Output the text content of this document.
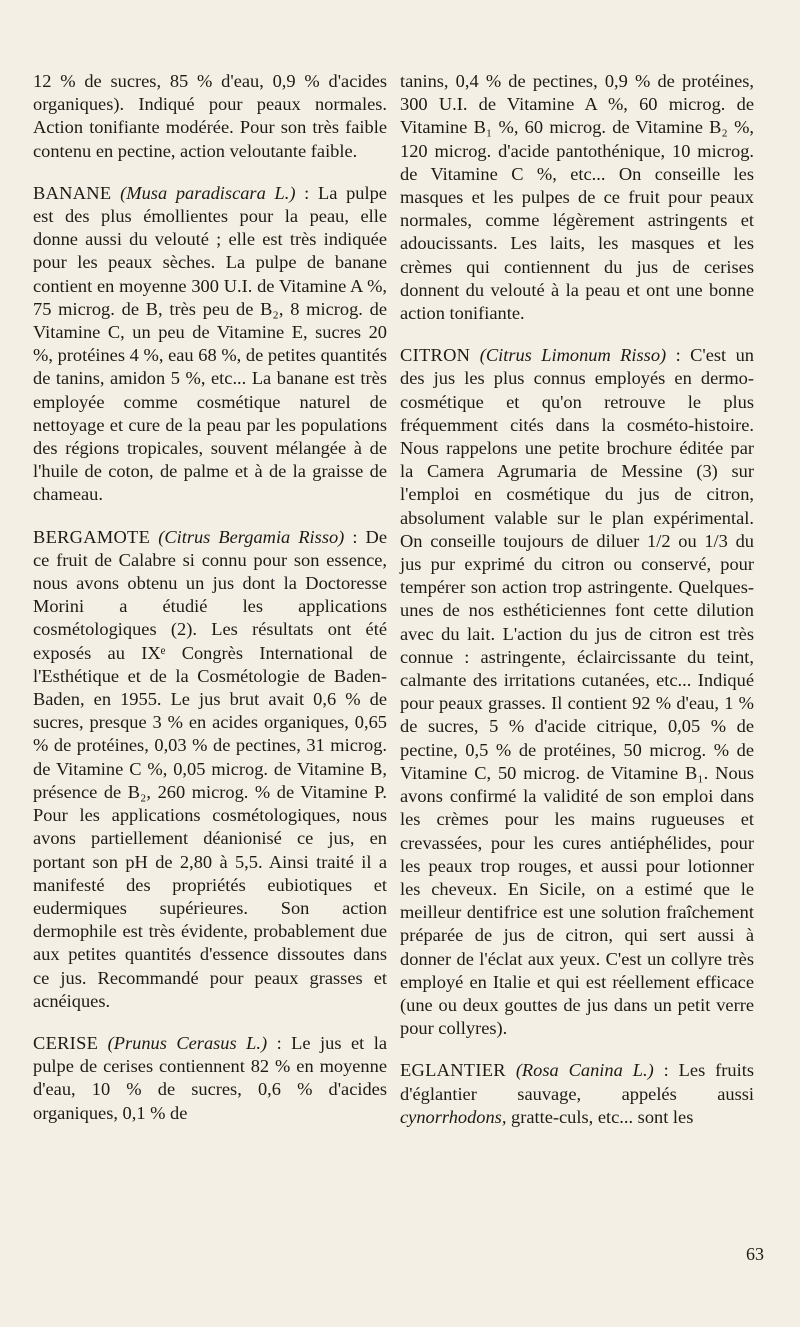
12 % de sucres, 85 % d'eau, 0,9 % d'acides organiques). Indiqué pour peaux normales. Action tonifiante modérée. Pour son très faible contenu en pectine, action veloutante faible.

BANANE (Musa paradiscara L.) : La pulpe est des plus émollientes pour la peau, elle donne aussi du velouté ; elle est très indiquée pour les peaux sèches. La pulpe de banane contient en moyenne 300 U.I. de Vitamine A %, 75 microg. de B, très peu de B₂, 8 microg. de Vitamine C, un peu de Vitamine E, sucres 20 %, protéines 4 %, eau 68 %, de petites quantités de tanins, amidon 5 %, etc... La banane est très employée comme cosmétique naturel de nettoyage et cure de la peau par les populations des régions tropicales, souvent mélangée à de l'huile de coton, de palme et à de la graisse de chameau.

BERGAMOTE (Citrus Bergamia Risso) : De ce fruit de Calabre si connu pour son essence, nous avons obtenu un jus dont la Doctoresse Morini a étudié les applications cosmétologiques (2). Les résultats ont été exposés au IXᵉ Congrès International de l'Esthétique et de la Cosmétologie de Baden-Baden, en 1955. Le jus brut avait 0,6 % de sucres, presque 3 % en acides organiques, 0,65 % de protéines, 0,03 % de pectines, 31 microg. de Vitamine C %, 0,05 microg. de Vitamine B, présence de B₂, 260 microg. % de Vitamine P. Pour les applications cosmétologiques, nous avons partiellement déanionisé ce jus, en portant son pH de 2,80 à 5,5. Ainsi traité il a manifesté des propriétés eubiotiques et eudermiques supérieures. Son action dermophile est très évidente, probablement due aux petites quantités d'essence dissoutes dans ce jus. Recommandé pour peaux grasses et acnéiques.

CERISE (Prunus Cerasus L.) : Le jus et la pulpe de cerises contiennent 82 % en moyenne d'eau, 10 % de sucres, 0,6 % d'acides organiques, 0,1 % de

tanins, 0,4 % de pectines, 0,9 % de protéines, 300 U.I. de Vitamine A %, 60 microg. de Vitamine B₁ %, 60 microg. de Vitamine B₂ %, 120 microg. d'acide pantothénique, 10 microg. de Vitamine C %, etc... On conseille les masques et les pulpes de ce fruit pour peaux normales, comme légèrement astringents et adoucissants. Les laits, les masques et les crèmes qui contiennent du jus de cerises donnent du velouté à la peau et ont une bonne action tonifiante.

CITRON (Citrus Limonum Risso) : C'est un des jus les plus connus employés en dermo-cosmétique et qu'on retrouve le plus fréquemment cités dans la cosméto-histoire. Nous rappelons une petite brochure éditée par la Camera Agrumaria de Messine (3) sur l'emploi en cosmétique du jus de citron, absolument valable sur le plan expérimental. On conseille toujours de diluer 1/2 ou 1/3 du jus pur exprimé du citron ou conservé, pour tempérer son action trop astringente. Quelques-unes de nos esthéticiennes font cette dilution avec du lait. L'action du jus de citron est très connue : astringente, éclaircissante du teint, calmante des irritations cutanées, etc... Indiqué pour peaux grasses. Il contient 92 % d'eau, 1 % de sucres, 5 % d'acide citrique, 0,05 % de pectine, 0,5 % de protéines, 50 microg. % de Vitamine C, 50 microg. de Vitamine B₁. Nous avons confirmé la validité de son emploi dans les crèmes pour les mains rugueuses et crevassées, pour les cures antiéphélides, pour les peaux trop rouges, et aussi pour lotionner les cheveux. En Sicile, on a estimé que le meilleur dentifrice est une solution fraîchement préparée de jus de citron, qui sert aussi à donner de l'éclat aux yeux. C'est un collyre très employé en Italie et qui est réellement efficace (une ou deux gouttes de jus dans un petit verre pour collyres).

EGLANTIER (Rosa Canina L.) : Les fruits d'églantier sauvage, appelés aussi cynorrhodons, gratte-culs, etc... sont les

63
